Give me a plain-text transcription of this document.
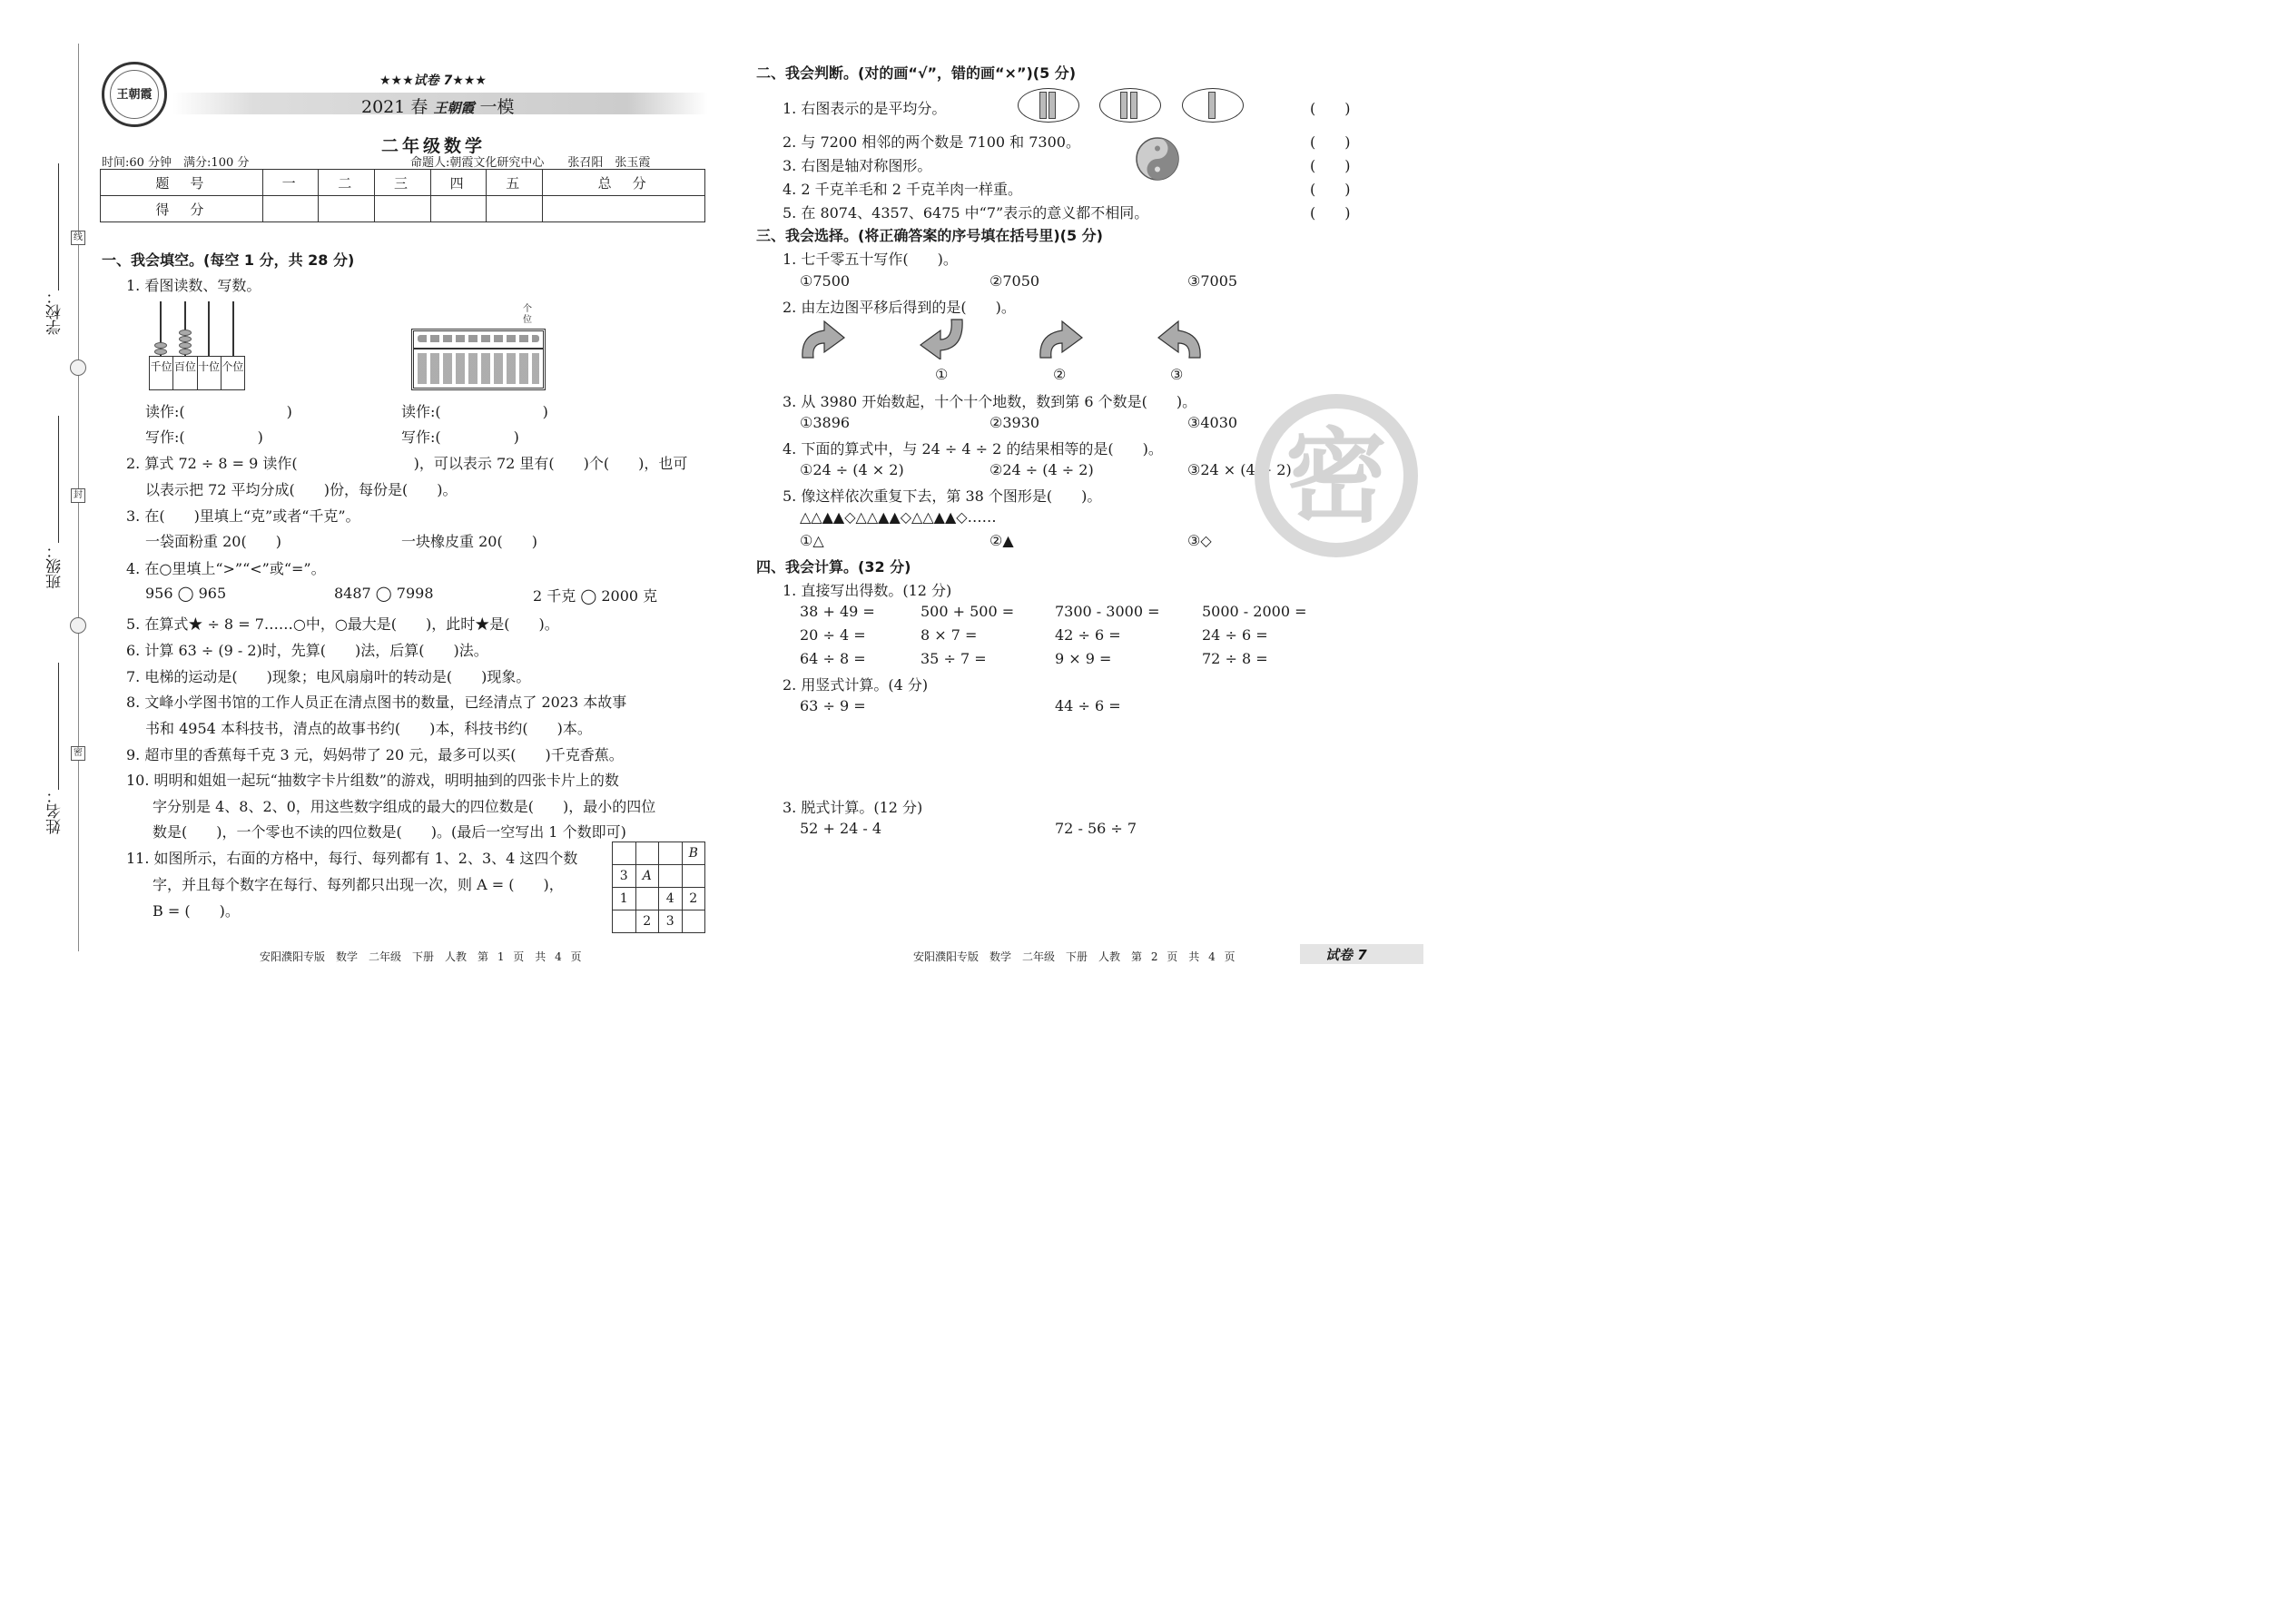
线
封
密
学校：
班级：
姓名：
王朝霞
★★★试卷 7★★★
2021 春 王朝霞 一模
二年级数学
时间:60 分钟　满分:100 分	命题人:朝霞文化研究中心　　张召阳　张玉霞
题　号	一	二	三	四	五	总　分
得　分						
一、我会填空。(每空 1 分，共 28 分)
1. 看图读数、写数。
千位 百位 十位 个位
个位
读作:(　　　　　　　)
写作:(　　　　　)
读作:(　　　　　　　)
写作:(　　　　　)
2. 算式 72 ÷ 8 = 9 读作(　　　　　　　　)，可以表示 72 里有(　　)个(　　)，也可
以表示把 72 平均分成(　　)份，每份是(　　)。
3. 在(　　)里填上“克”或者“千克”。
一袋面粉重 20(　　)	一块橡皮重 20(　　)
4. 在○里填上“>”“<”或“=”。
956 ◯ 965	8487 ◯ 7998	2 千克 ◯ 2000 克
5. 在算式★ ÷ 8 = 7……○中，○最大是(　　)，此时★是(　　)。
6. 计算 63 ÷ (9 - 2)时，先算(　　)法，后算(　　)法。
7. 电梯的运动是(　　)现象；电风扇扇叶的转动是(　　)现象。
8. 文峰小学图书馆的工作人员正在清点图书的数量，已经清点了 2023 本故事
书和 4954 本科技书，清点的故事书约(　　)本，科技书约(　　)本。
9. 超市里的香蕉每千克 3 元，妈妈带了 20 元，最多可以买(　　)千克香蕉。
10. 明明和姐姐一起玩“抽数字卡片组数”的游戏，明明抽到的四张卡片上的数
字分别是 4、8、2、0，用这些数字组成的最大的四位数是(　　)，最小的四位
数是(　　)，一个零也不读的四位数是(　　)。(最后一空写出 1 个数即可)
11. 如图所示，右面的方格中，每行、每列都有 1、2、3、4 这四个数
字，并且每个数字在每行、每列都只出现一次，则 A = (　　)，
B = (　　)。
			B
3	A		
1		4	2
	2	3	
安阳濮阳专版　数学　二年级　下册　人教　第 1 页　共 4 页
二、我会判断。(对的画“√”，错的画“×”)(5 分)
1. 右图表示的是平均分。
2. 与 7200 相邻的两个数是 7100 和 7300。
3. 右图是轴对称图形。
4. 2 千克羊毛和 2 千克羊肉一样重。
5. 在 8074、4357、6475 中“7”表示的意义都不相同。
(　　)
(　　)
(　　)
(　　)
(　　)
三、我会选择。(将正确答案的序号填在括号里)(5 分)
1. 七千零五十写作(　　)。
①7500	②7050	③7005
2. 由左边图平移后得到的是(　　)。
①	②	③
3. 从 3980 开始数起，十个十个地数，数到第 6 个数是(　　)。
①3896	②3930	③4030
4. 下面的算式中，与 24 ÷ 4 ÷ 2 的结果相等的是(　　)。
①24 ÷ (4 × 2)	②24 ÷ (4 ÷ 2)	③24 × (4 ÷ 2)
5. 像这样依次重复下去，第 38 个图形是(　　)。
△△▲▲◇△△▲▲◇△△▲▲◇……
①△	②▲	③◇
四、我会计算。(32 分)
1. 直接写出得数。(12 分)
38 + 49 =	500 + 500 =	7300 - 3000 =	5000 - 2000 =
20 ÷ 4 =	8 × 7 =	42 ÷ 6 =	24 ÷ 6 =
64 ÷ 8 =	35 ÷ 7 =	9 × 9 =	72 ÷ 8 =
2. 用竖式计算。(4 分)
63 ÷ 9 =	44 ÷ 6 =
3. 脱式计算。(12 分)
52 + 24 - 4	72 - 56 ÷ 7
密
安阳濮阳专版　数学　二年级　下册　人教　第 2 页　共 4 页	试卷 7
